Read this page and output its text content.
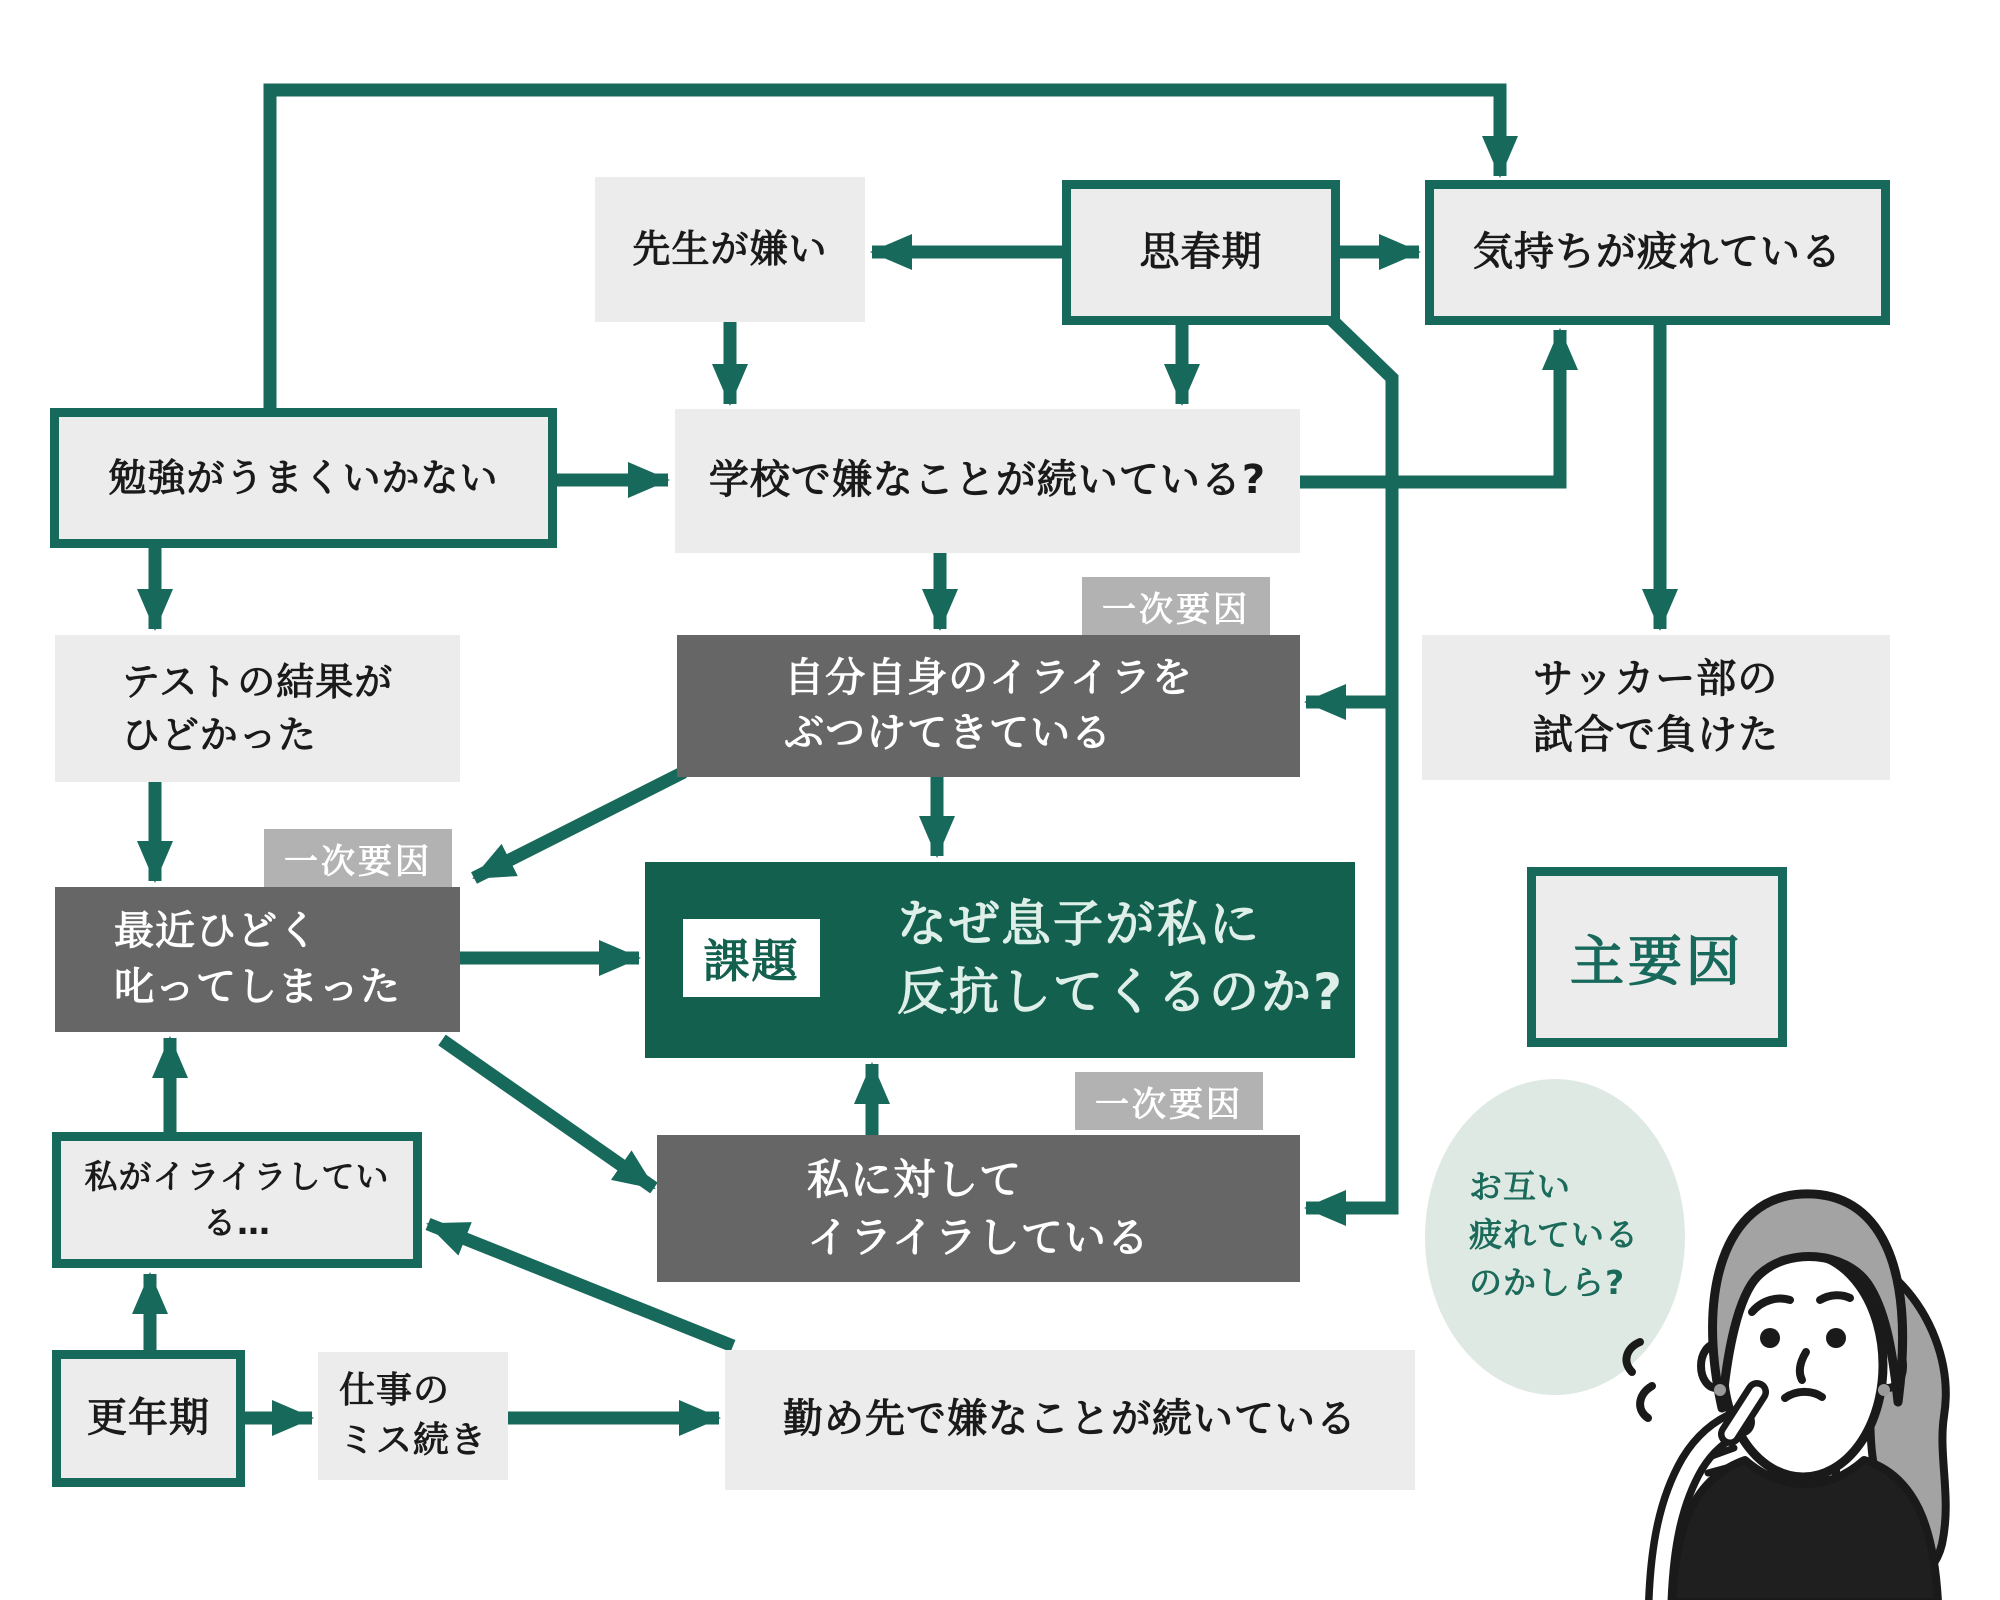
先生が嫌い	思春期	気持ちが疲れている
勉強がうまくいかない	学校で嫌なことが続いている?
テストの結果が
ひどかった
自分自身のイライラを
ぶつけてきている
サッカー部の
試合で負けた
最近ひどく
叱ってしまった
私に対して
イライラしている
私がイライラしている…
更年期
仕事の
ミス続き	勤め先で嫌なことが続いている
一次要因
一次要因
一次要因
課題
なぜ息子が私に
反抗してくるのか?	主要因
お互い
疲れている
のかしら?
